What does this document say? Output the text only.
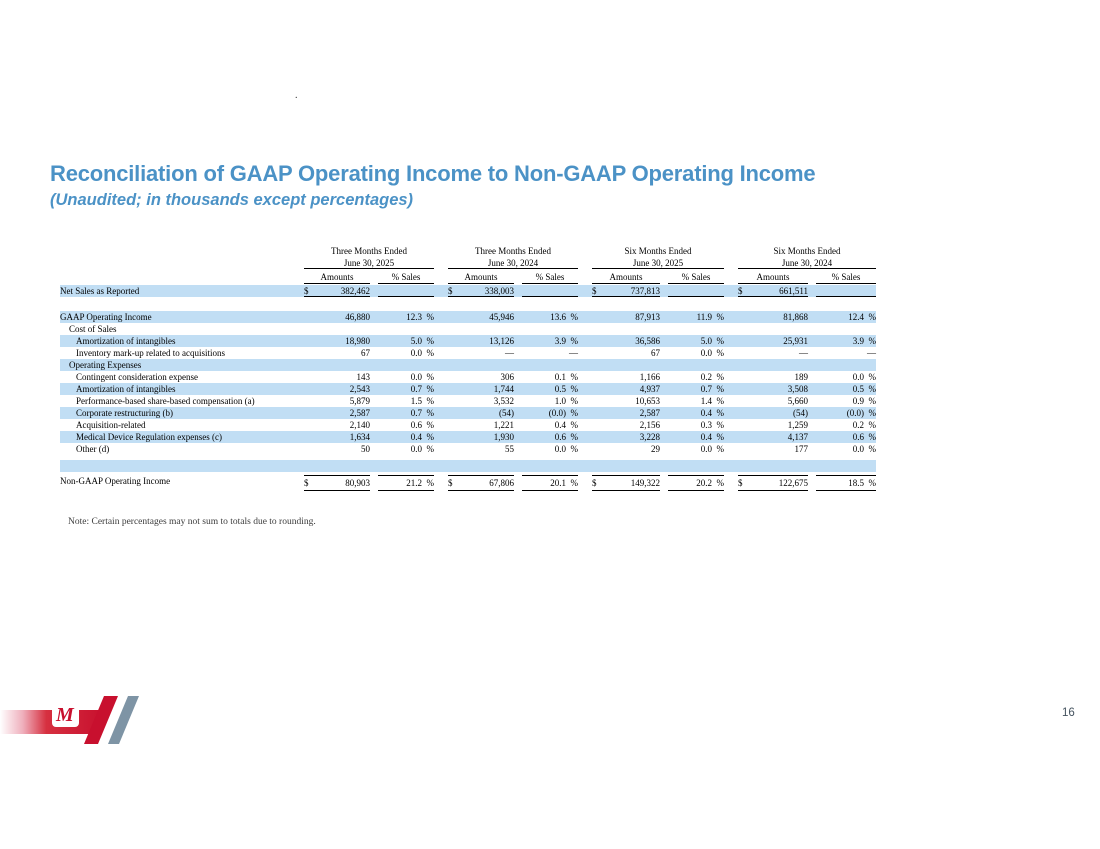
.
Reconciliation of GAAP Operating Income to Non-GAAP Operating Income
(Unaudited; in thousands except percentages)
Three Months Ended
June 30, 2025
Amounts	% Sales
Three Months Ended
June 30, 2024
Amounts	% Sales
Six Months Ended
June 30, 2025
Amounts	% Sales
Six Months Ended
June 30, 2024
Amounts	% Sales
Net Sales as Reported	$	382,462	$	338,003	$	737,813	$	661,511
GAAP Operating Income	46,880	12.3 %	45,946	13.6 %	87,913	11.9 %	81,868	12.4 %
Cost of Sales
Amortization of intangibles	18,980	5.0 %	13,126	3.9 %	36,586	5.0 %	25,931	3.9 %
Inventory mark-up related to acquisitions	67	0.0 %	—	—	67	0.0 %	—	—
Operating Expenses
Contingent consideration expense	143	0.0 %	306	0.1 %	1,166	0.2 %	189	0.0 %
Amortization of intangibles	2,543	0.7 %	1,744	0.5 %	4,937	0.7 %	3,508	0.5 %
Performance-based share-based compensation (a)	5,879	1.5 %	3,532	1.0 %	10,653	1.4 %	5,660	0.9 %
Corporate restructuring (b)	2,587	0.7 %	(54)	(0.0) %	2,587	0.4 %	(54)	(0.0) %
Acquisition-related	2,140	0.6 %	1,221	0.4 %	2,156	0.3 %	1,259	0.2 %
Medical Device Regulation expenses (c)	1,634	0.4 %	1,930	0.6 %	3,228	0.4 %	4,137	0.6 %
Other (d)	50	0.0 %	55	0.0 %	29	0.0 %	177	0.0 %
Non-GAAP Operating Income	$	80,903	21.2 % $	67,806	20.1 % $	149,322	20.2 % $	122,675	18.5 %

Note: Certain percentages may not sum to totals due to rounding.

M	16
